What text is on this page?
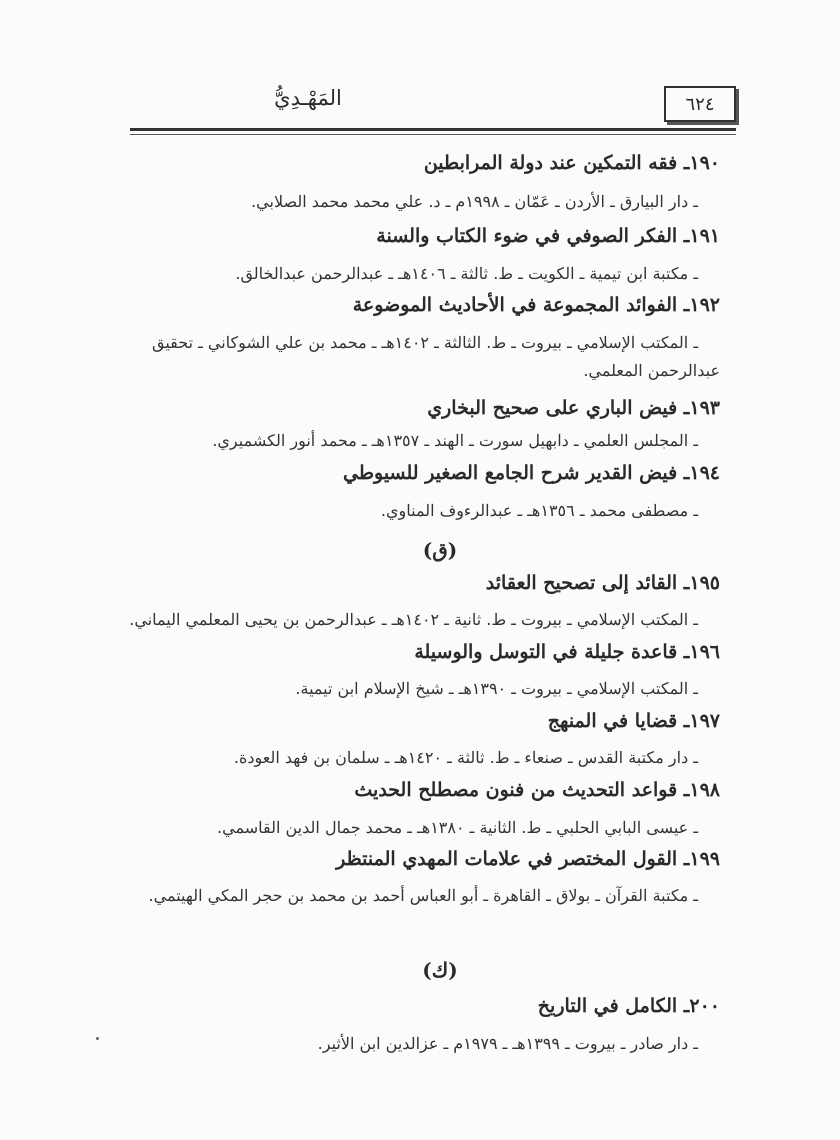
المَهْـدِيُّ	٦٢٤
١٩٠ـ فقه التمكين عند دولة المرابطين
ـ دار البيارق ـ الأردن ـ عَمّان ـ ١٩٩٨م ـ د. علي محمد محمد الصلابي.
١٩١ـ الفكر الصوفي في ضوء الكتاب والسنة
ـ مكتبة ابن تيمية ـ الكويت ـ ط. ثالثة ـ ١٤٠٦هـ ـ عبدالرحمن عبدالخالق.
١٩٢ـ الفوائد المجموعة في الأحاديث الموضوعة
ـ المكتب الإسلامي ـ بيروت ـ ط. الثالثة ـ ١٤٠٢هـ ـ محمد بن علي الشوكاني ـ تحقيق
عبدالرحمن المعلمي.
١٩٣ـ فيض الباري على صحيح البخاري
ـ المجلس العلمي ـ دابهيل سورت ـ الهند ـ ١٣٥٧هـ ـ محمد أنور الكشميري.
١٩٤ـ فيض القدير شرح الجامع الصغير للسيوطي
ـ مصطفى محمد ـ ١٣٥٦هـ ـ عبدالرءوف المناوي.
(ق)
١٩٥ـ القائد إلى تصحيح العقائد
ـ المكتب الإسلامي ـ بيروت ـ ط. ثانية ـ ١٤٠٢هـ ـ عبدالرحمن بن يحيى المعلمي اليماني.
١٩٦ـ قاعدة جليلة في التوسل والوسيلة
ـ المكتب الإسلامي ـ بيروت ـ ١٣٩٠هـ ـ شيخ الإسلام ابن تيمية.
١٩٧ـ قضايا في المنهج
ـ دار مكتبة القدس ـ صنعاء ـ ط. ثالثة ـ ١٤٢٠هـ ـ سلمان بن فهد العودة.
١٩٨ـ قواعد التحديث من فنون مصطلح الحديث
ـ عيسى البابي الحلبي ـ ط. الثانية ـ ١٣٨٠هـ ـ محمد جمال الدين القاسمي.
١٩٩ـ القول المختصر في علامات المهدي المنتظر
ـ مكتبة القرآن ـ بولاق ـ القاهرة ـ أبو العباس أحمد بن محمد بن حجر المكي الهيتمي.
(ك)
٢٠٠ـ الكامل في التاريخ
ـ دار صادر ـ بيروت ـ ١٣٩٩هـ ـ ١٩٧٩م ـ عزالدين ابن الأثير.
